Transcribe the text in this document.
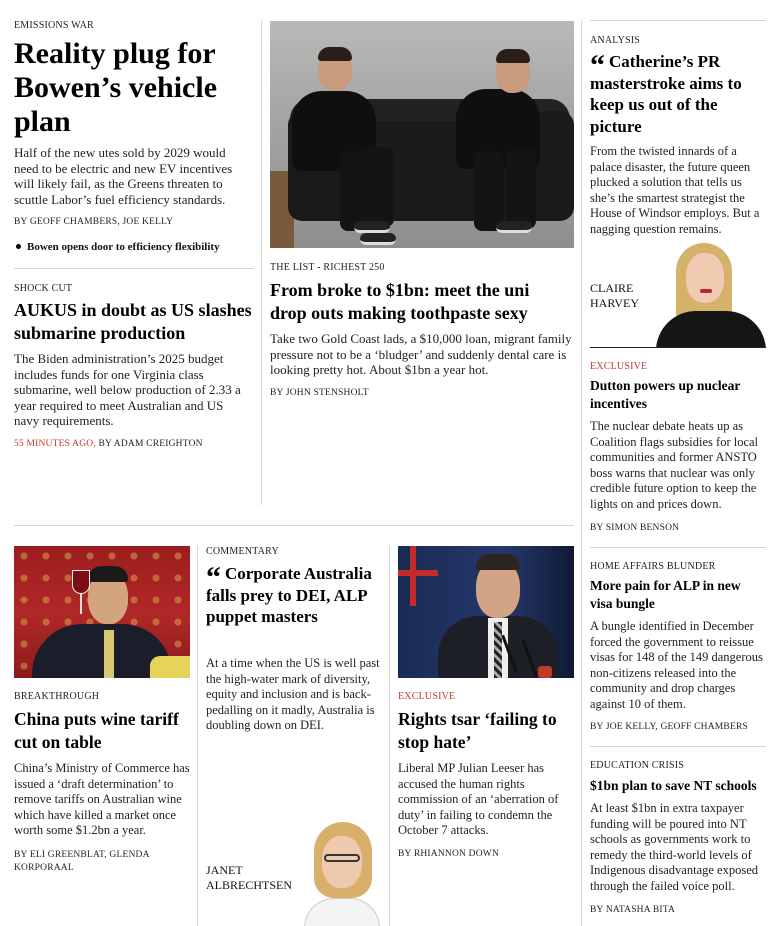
EMISSIONS WAR
Reality plug for Bowen’s vehicle plan

Half of the new utes sold by 2029 would need to be electric and new EV incentives will likely fail, as the Greens threaten to scuttle Labor’s fuel efficiency standards.

BY GEOFF CHAMBERS, JOE KELLY
Bowen opens door to efficiency flexibility
SHOCK CUT
AUKUS in doubt as US slashes submarine production

The Biden administration’s 2025 budget includes funds for one Virginia class submarine, well below production of 2.33 a year required to meet Australian and US navy requirements.

55 MINUTES AGO, BY ADAM CREIGHTON
THE LIST - RICHEST 250
From broke to $1bn: meet the uni drop outs making toothpaste sexy

Take two Gold Coast lads, a $10,000 loan, migrant family pressure not to be a ‘bludger’ and suddenly dental care is looking pretty hot. About $1bn a year hot.

BY JOHN STENSHOLT
ANALYSIS
“ Catherine’s PR masterstroke aims to keep us out of the picture

From the twisted innards of a palace disaster, the future queen plucked a solution that tells us she’s the smartest strategist the House of Windsor employs. But a nagging question remains.

CLAIRE
HARVEY
EXCLUSIVE
Dutton powers up nuclear incentives

The nuclear debate heats up as Coalition flags subsidies for local communities and former ANSTO boss warns that nuclear was only credible future option to keep the lights on and prices down.

BY SIMON BENSON
HOME AFFAIRS BLUNDER
More pain for ALP in new visa bungle

A bungle identified in December forced the government to reissue visas for 148 of the 149 dangerous non-citizens released into the community and drop charges against 10 of them.

BY JOE KELLY, GEOFF CHAMBERS
EDUCATION CRISIS
$1bn plan to save NT schools

At least $1bn in extra taxpayer funding will be poured into NT schools as governments work to remedy the third-world levels of Indigenous disadvantage exposed through the failed voice poll.

BY NATASHA BITA
BREAKTHROUGH
China puts wine tariff cut on table

China’s Ministry of Commerce has issued a ‘draft determination’ to remove tariffs on Australian wine which have killed a market once worth some $1.2bn a year.

BY ELI GREENBLAT, GLENDA KORPORAAL
COMMENTARY
“ Corporate Australia falls prey to DEI, ALP puppet masters

At a time when the US is well past the high-water mark of diversity, equity and inclusion and is back-pedalling on it madly, Australia is doubling down on DEI.

JANET
ALBRECHTSEN
EXCLUSIVE
Rights tsar ‘failing to stop hate’

Liberal MP Julian Leeser has accused the human rights commission of an ‘aberration of duty’ in failing to condemn the October 7 attacks.

BY RHIANNON DOWN
